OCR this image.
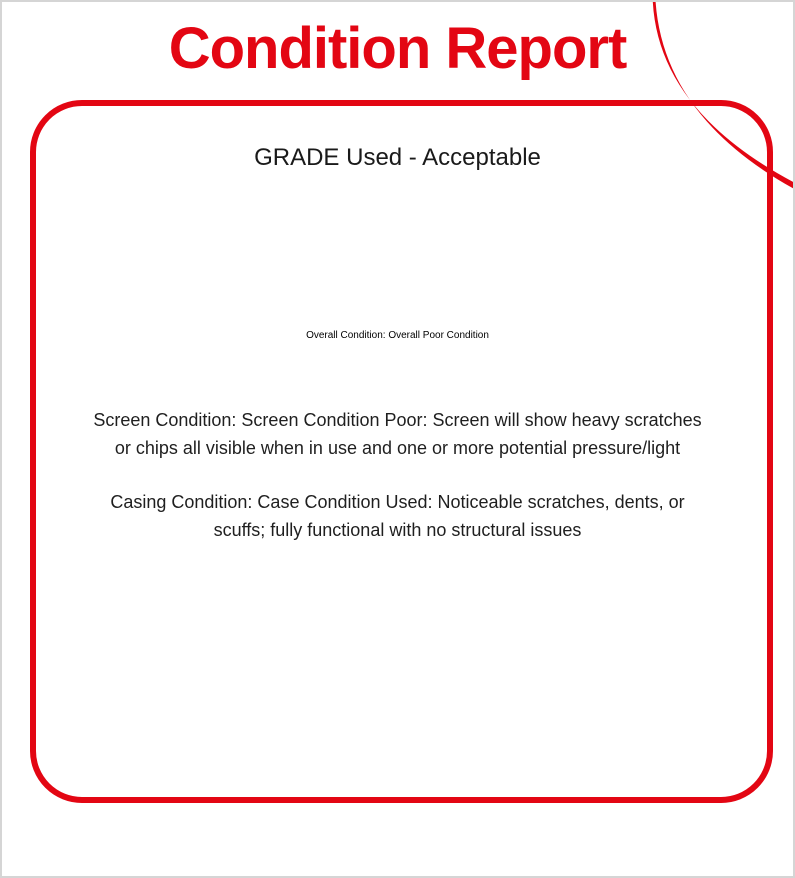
Condition Report
GRADE Used - Acceptable
Overall Condition: Overall Poor Condition
Screen Condition: Screen Condition Poor: Screen will show heavy scratches
or chips all visible when in use and one or more potential pressure/light
Casing Condition: Case Condition Used: Noticeable scratches, dents, or
scuffs; fully functional with no structural issues
